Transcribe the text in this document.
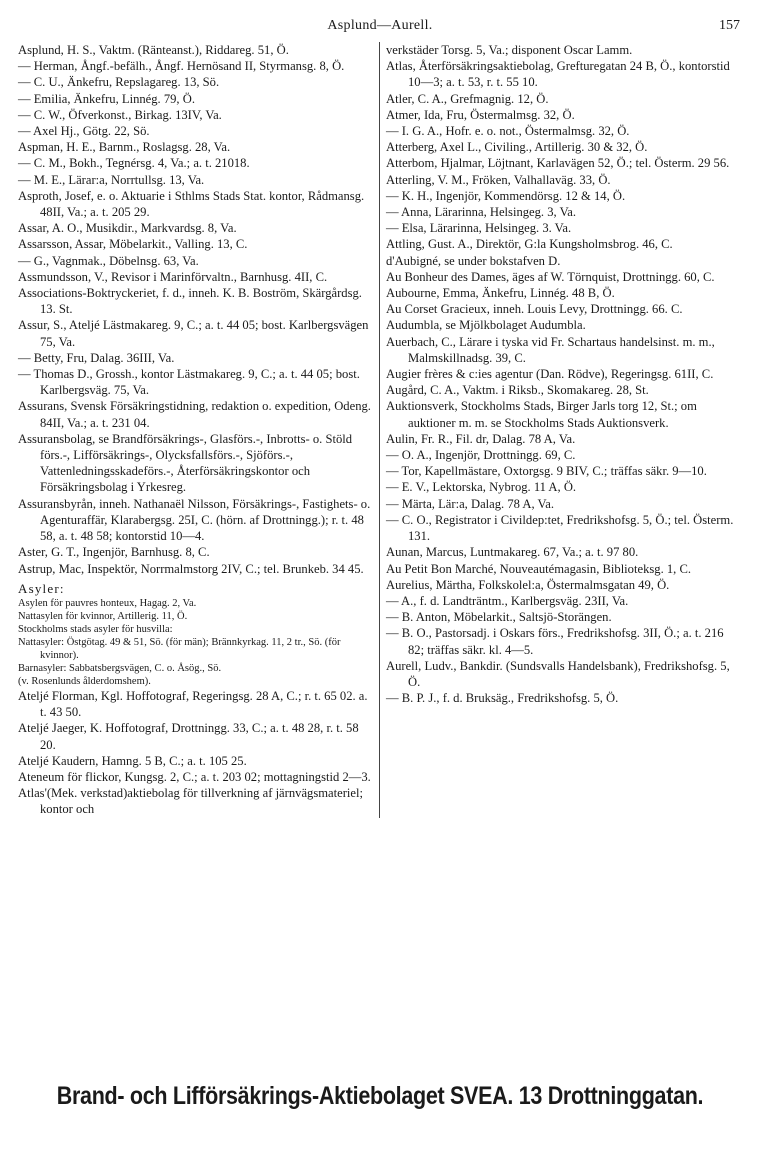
Asplund—Aurell.	157

Asplund, H. S., Vaktm. (Ränteanst.), Riddareg. 51, Ö.

— Herman, Ångf.-befälh., Ångf. Hernösand II, Styrmansg. 8, Ö.

— C. U., Änkefru, Repslagareg. 13, Sö.

— Emilia, Änkefru, Linnég. 79, Ö.

— C. W., Öfverkonst., Birkag. 13IV, Va.

— Axel Hj., Götg. 22, Sö.

Aspman, H. E., Barnm., Roslagsg. 28, Va.

— C. M., Bokh., Tegnérsg. 4, Va.; a. t. 21018.

— M. E., Lärar:a, Norrtullsg. 13, Va.

Asproth, Josef, e. o. Aktuarie i Sthlms Stads Stat. kontor, Rådmansg. 48II, Va.; a. t. 205 29.

Assar, A. O., Musikdir., Markvardsg. 8, Va.

Assarsson, Assar, Möbelarkit., Valling. 13, C.

— G., Vagnmak., Döbelnsg. 63, Va.

Assmundsson, V., Revisor i Marinförvaltn., Barnhusg. 4II, C.

Associations-Boktryckeriet, f. d., inneh. K. B. Boström, Skärgårdsg. 13. St.

Assur, S., Ateljé Lästmakareg. 9, C.; a. t. 44 05; bost. Karlbergsvägen 75, Va.

— Betty, Fru, Dalag. 36III, Va.

— Thomas D., Grossh., kontor Lästmakareg. 9, C.; a. t. 44 05; bost. Karlbergsväg. 75, Va.

Assurans, Svensk Försäkringstidning, redaktion o. expedition, Odeng. 84II, Va.; a. t. 231 04.

Assuransbolag, se Brandförsäkrings-, Glasförs.-, Inbrotts- o. Stöld förs.-, Lifförsäkrings-, Olycksfallsförs.-, Sjöförs.-, Vattenledningsskadeförs.-, Återförsäkringskontor och Försäkringsbolag i Yrkesreg.

Assuransbyrån, inneh. Nathanaël Nilsson, Försäkrings-, Fastighets- o. Agenturaffär, Klarabergsg. 25I, C. (hörn. af Drottningg.); r. t. 48 58, a. t. 48 58; kontorstid 10—4.

Aster, G. T., Ingenjör, Barnhusg. 8, C.

Astrup, Mac, Inspektör, Norrmalmstorg 2IV, C.; tel. Brunkeb. 34 45.

Asyler:

Asylen för pauvres honteux, Hagag. 2, Va.

Nattasylen för kvinnor, Artillerig. 11, Ö.

Stockholms stads asyler för husvilla:

Nattasyler: Östgötag. 49 & 51, Sö. (för män); Brännkyrkag. 11, 2 tr., Sö. (för kvinnor).

Barnasyler: Sabbatsbergsvägen, C. o. Åsög., Sö.

(v. Rosenlunds ålderdomshem).

Ateljé Florman, Kgl. Hoffotograf, Regeringsg. 28 A, C.; r. t. 65 02. a. t. 43 50.

Ateljé Jaeger, K. Hoffotograf, Drottningg. 33, C.; a. t. 48 28, r. t. 58 20.

Ateljé Kaudern, Hamng. 5 B, C.; a. t. 105 25.

Ateneum för flickor, Kungsg. 2, C.; a. t. 203 02; mottagningstid 2—3.

Atlas'(Mek. verkstad)aktiebolag för tillverkning af järnvägsmateriel; kontor och

verkstäder Torsg. 5, Va.; disponent Oscar Lamm.

Atlas, Återförsäkringsaktiebolag, Grefturegatan 24 B, Ö., kontorstid 10—3; a. t. 53, r. t. 55 10.

Atler, C. A., Grefmagnig. 12, Ö.

Atmer, Ida, Fru, Östermalmsg. 32, Ö.

— I. G. A., Hofr. e. o. not., Östermalmsg. 32, Ö.

Atterberg, Axel L., Civiling., Artillerig. 30 & 32, Ö.

Atterbom, Hjalmar, Löjtnant, Karlavägen 52, Ö.; tel. Österm. 29 56.

Atterling, V. M., Fröken, Valhallaväg. 33, Ö.

— K. H., Ingenjör, Kommendörsg. 12 & 14, Ö.

— Anna, Lärarinna, Helsingeg. 3, Va.

— Elsa, Lärarinna, Helsingeg. 3. Va.

Attling, Gust. A., Direktör, G:la Kungsholmsbrog. 46, C.

d'Aubigné, se under bokstafven D.

Au Bonheur des Dames, äges af W. Törnquist, Drottningg. 60, C.

Aubourne, Emma, Änkefru, Linnég. 48 B, Ö.

Au Corset Gracieux, inneh. Louis Levy, Drottningg. 66. C.

Audumbla, se Mjölkbolaget Audumbla.

Auerbach, C., Lärare i tyska vid Fr. Schartaus handelsinst. m. m., Malmskillnadsg. 39, C.

Augier frères & c:ies agentur (Dan. Rödve), Regeringsg. 61II, C.

Augård, C. A., Vaktm. i Riksb., Skomakareg. 28, St.

Auktionsverk, Stockholms Stads, Birger Jarls torg 12, St.; om auktioner m. m. se Stockholms Stads Auktionsverk.

Aulin, Fr. R., Fil. dr, Dalag. 78 A, Va.

— O. A., Ingenjör, Drottningg. 69, C.

— Tor, Kapellmästare, Oxtorgsg. 9 BIV, C.; träffas säkr. 9—10.

— E. V., Lektorska, Nybrog. 11 A, Ö.

— Märta, Lär:a, Dalag. 78 A, Va.

— C. O., Registrator i Civildep:tet, Fredrikshofsg. 5, Ö.; tel. Österm. 131.

Aunan, Marcus, Luntmakareg. 67, Va.; a. t. 97 80.

Au Petit Bon Marché, Nouveautémagasin, Biblioteksg. 1, C.

Aurelius, Märtha, Folkskolel:a, Östermalmsgatan 49, Ö.

— A., f. d. Landträntm., Karlbergsväg. 23II, Va.

— B. Anton, Möbelarkit., Saltsjö-Storängen.

— B. O., Pastorsadj. i Oskars förs., Fredrikshofsg. 3II, Ö.; a. t. 216 82; träffas säkr. kl. 4—5.

Aurell, Ludv., Bankdir. (Sundsvalls Handelsbank), Fredrikshofsg. 5, Ö.

— B. P. J., f. d. Bruksäg., Fredrikshofsg. 5, Ö.

Brand- och Lifförsäkrings-Aktiebolaget SVEA. 13 Drottninggatan.
